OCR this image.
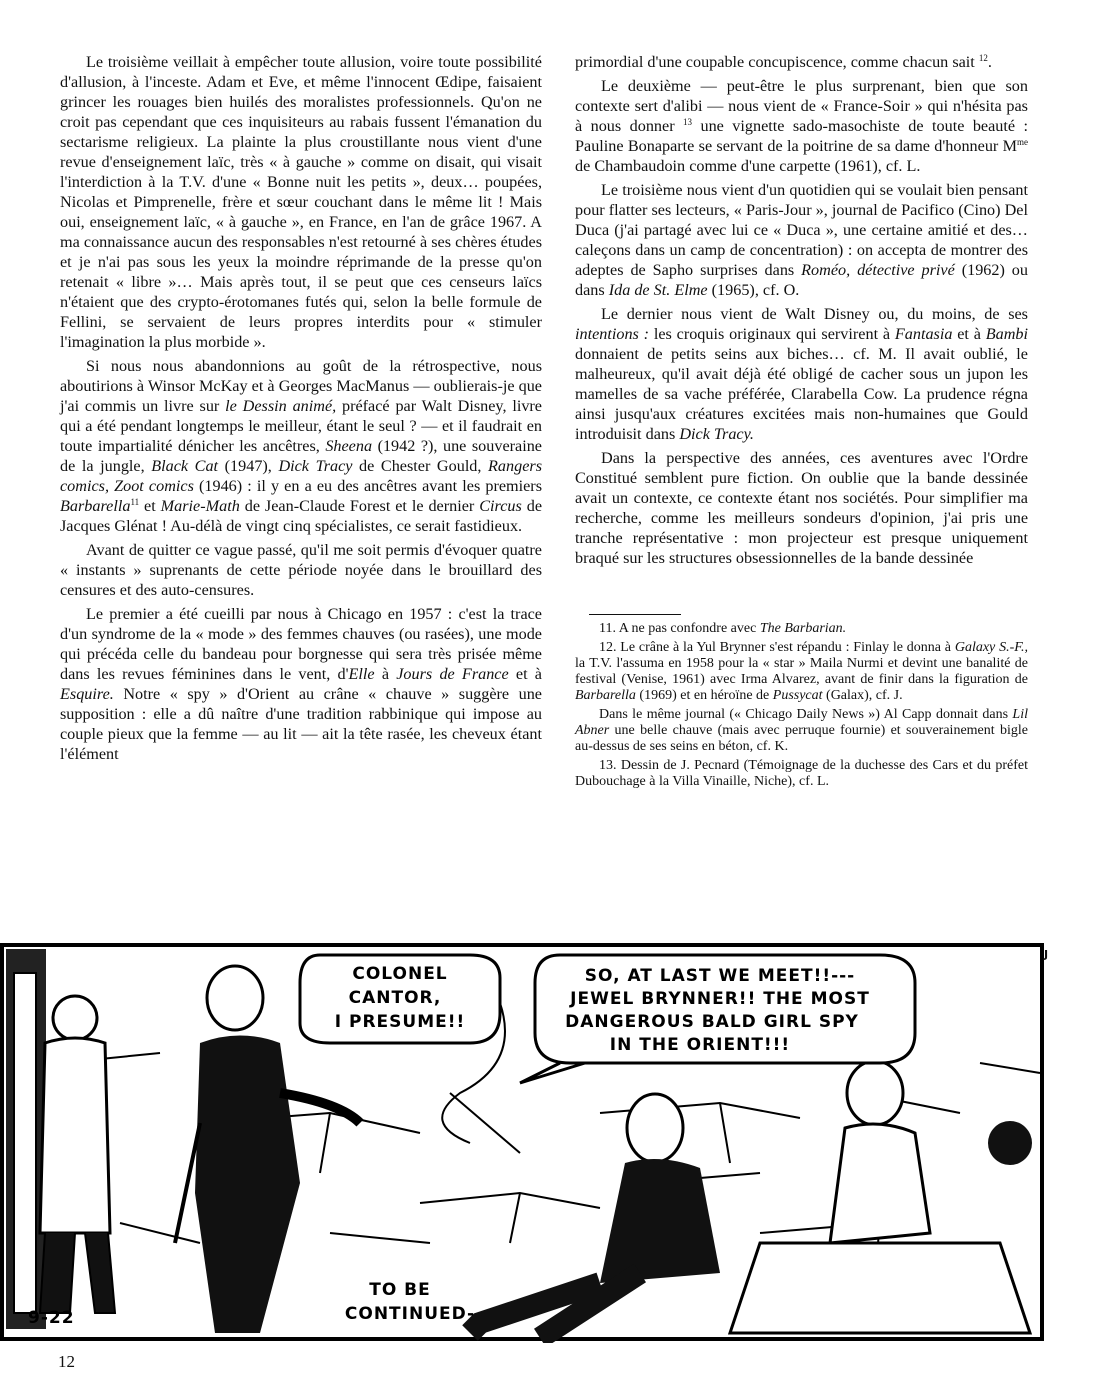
Le troisième veillait à empêcher toute allusion, voire toute possibilité d'allusion, à l'inceste. Adam et Eve, et même l'innocent Œdipe, faisaient grincer les rouages bien huilés des moralistes professionnels. Qu'on ne croit pas cependant que ces inquisiteurs au rabais fussent l'émanation du sectarisme religieux. La plainte la plus croustillante nous vient d'une revue d'enseignement laïc, très « à gauche » comme on disait, qui visait l'interdiction à la T.V. d'une « Bonne nuit les petits », deux… poupées, Nicolas et Pimprenelle, frère et sœur couchant dans le même lit ! Mais oui, enseignement laïc, « à gauche », en France, en l'an de grâce 1967. A ma connaissance aucun des responsables n'est retourné à ses chères études et je n'ai pas sous les yeux la moindre réprimande de la presse qu'on retenait « libre »… Mais après tout, il se peut que ces censeurs laïcs n'étaient que des crypto-érotomanes futés qui, selon la belle formule de Fellini, se servaient de leurs propres interdits pour « stimuler l'imagination la plus morbide ».

Si nous nous abandonnions au goût de la rétrospective, nous aboutirions à Winsor McKay et à Georges MacManus — oublierais-je que j'ai commis un livre sur le Dessin animé, préfacé par Walt Disney, livre qui a été pendant longtemps le meilleur, étant le seul ? — et il faudrait en toute impartialité dénicher les ancêtres, Sheena (1942 ?), une souveraine de la jungle, Black Cat (1947), Dick Tracy de Chester Gould, Rangers comics, Zoot comics (1946) : il y en a eu des ancêtres avant les premiers Barbarella$^{11}$ et Marie-Math de Jean-Claude Forest et le dernier Circus de Jacques Glénat ! Au-délà de vingt cinq spécialistes, ce serait fastidieux.

Avant de quitter ce vague passé, qu'il me soit permis d'évoquer quatre « instants » suprenants de cette période noyée dans le brouillard des censures et des auto-censures.

Le premier a été cueilli par nous à Chicago en 1957 : c'est la trace d'un syndrome de la « mode » des femmes chauves (ou rasées), une mode qui précéda celle du bandeau pour borgnesse qui sera très prisée même dans les revues féminines dans le vent, d'Elle à Jours de France et à Esquire. Notre « spy » d'Orient au crâne « chauve » suggère une supposition : elle a dû naître d'une tradition rabbinique qui impose au couple pieux que la femme — au lit — ait la tête rasée, les cheveux étant l'élément

primordial d'une coupable concupiscence, comme chacun sait $^{12}$.

Le deuxième — peut-être le plus surprenant, bien que son contexte sert d'alibi — nous vient de « France-Soir » qui n'hésita pas à nous donner $^{13}$ une vignette sado-masochiste de toute beauté : Pauline Bonaparte se servant de la poitrine de sa dame d'honneur $M^{me}$ de Chambaudoin comme d'une carpette (1961), cf. L.

Le troisième nous vient d'un quotidien qui se voulait bien pensant pour flatter ses lecteurs, « Paris-Jour », journal de Pacifico (Cino) Del Duca (j'ai partagé avec lui ce « Duca », une certaine amitié et des… caleçons dans un camp de concentration) : on accepta de montrer des adeptes de Sapho surprises dans Roméo, détective privé (1962) ou dans Ida de St. Elme (1965), cf. O.

Le dernier nous vient de Walt Disney ou, du moins, de ses intentions : les croquis originaux qui servirent à Fantasia et à Bambi donnaient de petits seins aux biches… cf. M. Il avait oublié, le malheureux, qu'il avait déjà été obligé de cacher sous un jupon les mamelles de sa vache préférée, Clarabella Cow. La prudence régna ainsi jusqu'aux créatures excitées mais non-humaines que Gould introduisit dans Dick Tracy.

Dans la perspective des années, ces aventures avec l'Ordre Constitué semblent pure fiction. On oublie que la bande dessinée avait un contexte, ce contexte étant nos sociétés. Pour simplifier ma recherche, comme les meilleurs sondeurs d'opinion, j'ai pris une tranche représentative : mon projecteur est presque uniquement braqué sur les structures obsessionnelles de la bande dessinée

11. A ne pas confondre avec The Barbarian.

12. Le crâne à la Yul Brynner s'est répandu : Finlay le donna à Galaxy S.-F., la T.V. l'assuma en 1958 pour la « star » Maila Nurmi et devint une banalité de festival (Venise, 1961) avec Irma Alvarez, avant de finir dans la figuration de Barbarella (1969) et en héroïne de Pussycat (Galax), cf. J.

Dans le même journal (« Chicago Daily News ») Al Capp donnait dans Lil Abner une belle chauve (mais avec perruque fournie) et souverainement bigle au-dessus de ses seins en béton, cf. K.

13. Dessin de J. Pecnard (Témoignage de la duchesse des Cars et du préfet Dubouchage à la Villa Vinaille, Niche), cf. L.

COLONEL
CANTOR,
I PRESUME!!
SO, AT LAST WE MEET!!---
JEWEL BRYNNER!! THE MOST
DANGEROUS BALD GIRL SPY
IN THE ORIENT!!!
9-22
TO BE
CONTINUED-
J
12
